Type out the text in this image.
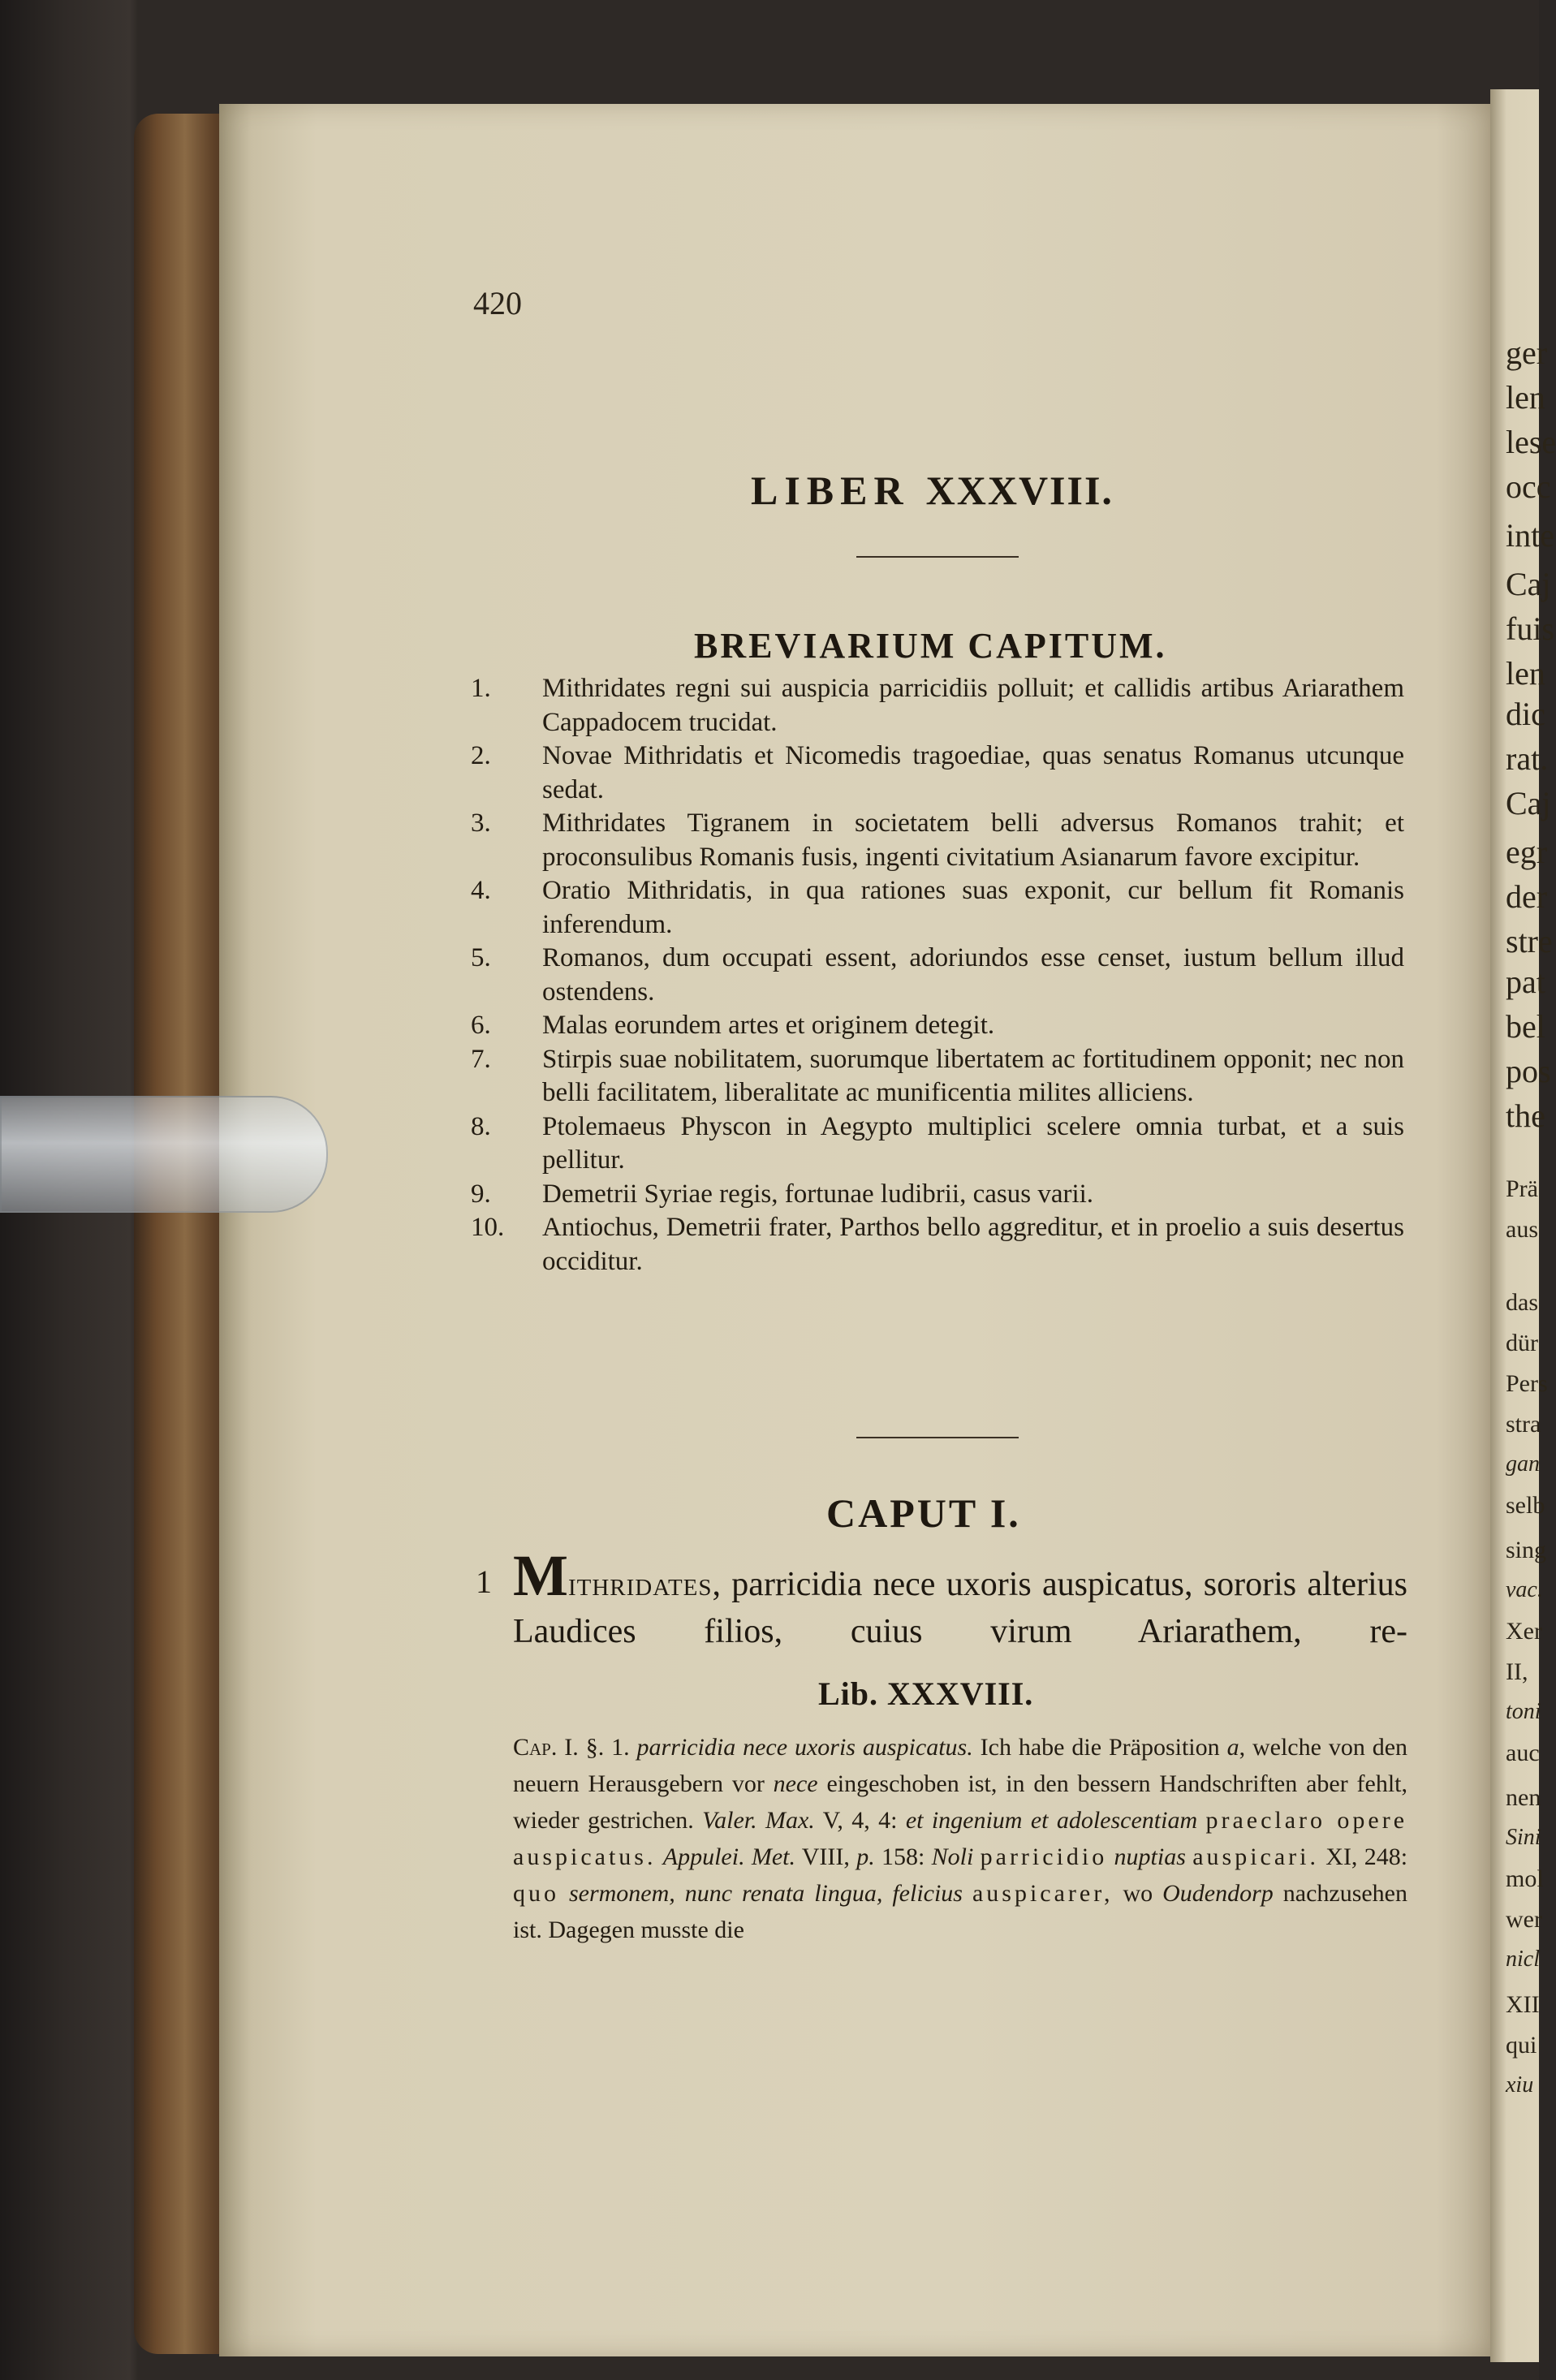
ger
len
lese
occ
inte
Caj
fuis
len
dic
rat.
Caj
egr
der
stre
pat
bel
pos
the
Prä
aus
das
dür
Pers
stra
gan
selb
sing
vac.
Xer
II,
toni
auc
nen
Sini
mol
wer
nicl
XII
qui
xiu
420
LIBER XXXVIII.
BREVIARIUM CAPITUM.
1.	Mithridates regni sui auspicia parricidiis polluit; et callidis artibus Ariarathem Cappadocem trucidat.
2.	Novae Mithridatis et Nicomedis tragoediae, quas senatus Romanus utcunque sedat.
3.	Mithridates Tigranem in societatem belli adversus Romanos trahit; et proconsulibus Romanis fusis, ingenti civitatium Asianarum favore excipitur.
4.	Oratio Mithridatis, in qua rationes suas exponit, cur bellum fit Romanis inferendum.
5.	Romanos, dum occupati essent, adoriundos esse censet, iustum bellum illud ostendens.
6.	Malas eorundem artes et originem detegit.
7.	Stirpis suae nobilitatem, suorumque libertatem ac fortitudinem opponit; nec non belli facilitatem, liberalitate ac munificentia milites alliciens.
8.	Ptolemaeus Physcon in Aegypto multiplici scelere omnia turbat, et a suis pellitur.
9.	Demetrii Syriae regis, fortunae ludibrii, casus varii.
10.	Antiochus, Demetrii frater, Parthos bello aggreditur, et in proelio a suis desertus occiditur.
CAPUT I.
1 Mithridates, parricidia nece uxoris auspicatus, sororis alterius Laudices filios, cuius virum Ariarathem, re-
Lib. XXXVIII.
Cap. I. §. 1. parricidia nece uxoris auspicatus. Ich habe die Präposition a, welche von den neuern Herausgebern vor nece eingeschoben ist, in den bessern Handschriften aber fehlt, wieder gestrichen. Valer. Max. V, 4, 4: et ingenium et adolescentiam praeclaro opere auspicatus. Appulei. Met. VIII, p. 158: Noli parricidio nuptias auspicari. XI, 248: quo sermonem, nunc renata lingua, felicius auspicarer, wo Oudendorp nachzusehen ist. Dagegen musste die
